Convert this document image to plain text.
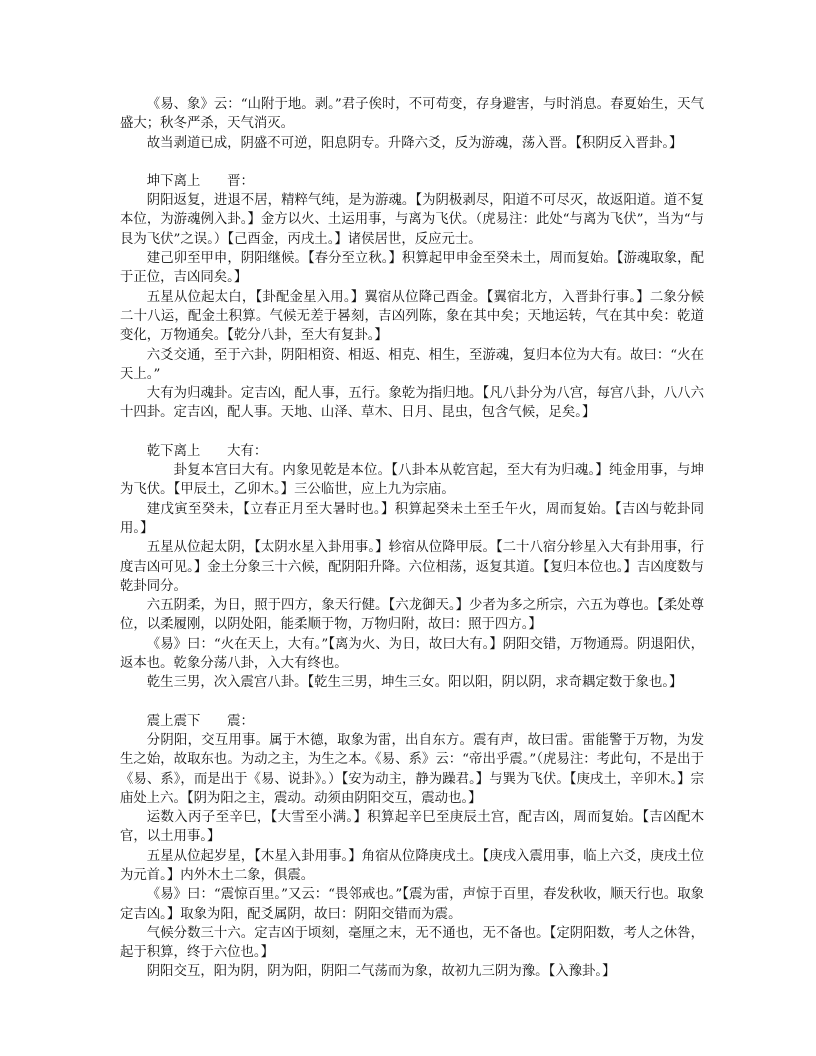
《易、象》云：“山附于地。剥。”君子俟时，不可苟变，存身避害，与时消息。春夏始生，天气盛大；秋冬严杀，天气消灭。

故当剥道已成，阴盛不可逆，阳息阴专。升降六爻，反为游魂，荡入晋。【积阴反入晋卦。】

坤下离上　　晋：

阴阳返复，进退不居，精粹气纯，是为游魂。【为阴极剥尽，阳道不可尽灭，故返阳道。道不复本位，为游魂例入卦。】金方以火、土运用事，与离为飞伏。（虎易注：此处“与离为飞伏”，当为“与艮为飞伏”之误。）【己酉金，丙戌土。】诸侯居世，反应元士。

建己卯至甲申，阴阳继候。【春分至立秋。】积算起甲申金至癸未土，周而复始。【游魂取象，配于正位，吉凶同矣。】

五星从位起太白，【卦配金星入用。】翼宿从位降己酉金。【翼宿北方，入晋卦行事。】二象分候二十八运，配金土积算。气候无差于晷刻，吉凶列陈，象在其中矣；天地运转，气在其中矣：乾道变化，万物通矣。【乾分八卦，至大有复卦。】

六爻交通，至于六卦，阴阳相资、相返、相克、相生，至游魂，复归本位为大有。故曰：“火在天上。”

大有为归魂卦。定吉凶，配人事，五行。象乾为指归地。【凡八卦分为八宫，每宫八卦，八八六十四卦。定吉凶，配人事。天地、山泽、草木、日月、昆虫，包含气候，足矣。】

乾下离上　　大有：

卦复本宫曰大有。内象见乾是本位。【八卦本从乾宫起，至大有为归魂。】纯金用事，与坤为飞伏。【甲辰土，乙卯木。】三公临世，应上九为宗庙。

建戊寅至癸未，【立春正月至大暑时也。】积算起癸未土至壬午火，周而复始。【吉凶与乾卦同用。】

五星从位起太阴，【太阴水星入卦用事。】轸宿从位降甲辰。【二十八宿分轸星入大有卦用事，行度吉凶可见。】金土分象三十六候，配阴阳升降。六位相荡，返复其道。【复归本位也。】吉凶度数与乾卦同分。

六五阴柔，为日，照于四方，象天行健。【六龙御天。】少者为多之所宗，六五为尊也。【柔处尊位，以柔履刚，以阴处阳，能柔顺于物，万物归附，故曰：照于四方。】

《易》曰：“火在天上，大有。”【离为火、为日，故曰大有。】阴阳交错，万物通焉。阴退阳伏，返本也。乾象分荡八卦，入大有终也。

乾生三男，次入震宫八卦。【乾生三男，坤生三女。阳以阳，阴以阴，求奇耦定数于象也。】

震上震下　　震：

分阴阳，交互用事。属于木德，取象为雷，出自东方。震有声，故曰雷。雷能警于万物，为发生之始，故取东也。为动之主，为生之本。《易、系》云：“帝出乎震。”（虎易注：考此句，不是出于《易、系》，而是出于《易、说卦》。）【安为动主，静为躁君。】与巽为飞伏。【庚戌土，辛卯木。】宗庙处上六。【阴为阳之主，震动。动须由阴阳交互，震动也。】

运数入丙子至辛巳，【大雪至小满。】积算起辛巳至庚辰土宫，配吉凶，周而复始。【吉凶配木官，以土用事。】

五星从位起岁星，【木星入卦用事。】角宿从位降庚戌土。【庚戌入震用事，临上六爻，庚戌土位为元首。】内外木土二象，俱震。

《易》曰：“震惊百里。”又云：“畏邻戒也。”【震为雷，声惊于百里，春发秋收，顺天行也。取象定吉凶。】取象为阳，配爻属阴，故曰：阴阳交错而为震。

气候分数三十六。定吉凶于顷刻，毫厘之末，无不通也，无不备也。【定阴阳数，考人之休咎，起于积算，终于六位也。】

阴阳交互，阳为阴，阴为阳，阴阳二气荡而为象，故初九三阴为豫。【入豫卦。】
